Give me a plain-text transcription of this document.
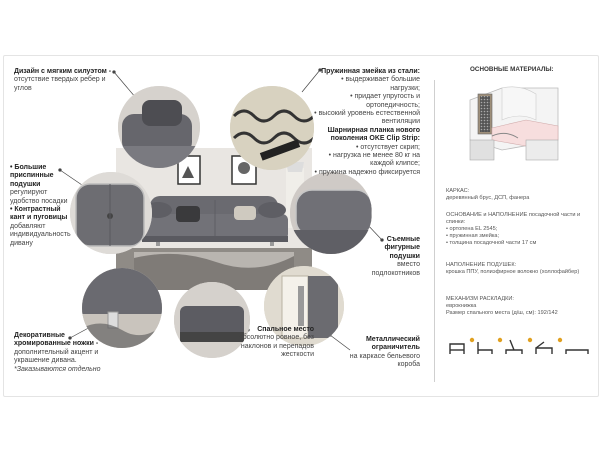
Дизайн с мягким силуэтом -
отсутствие твердых ребер и углов
Пружинная змейка из стали:
• выдерживает большие нагрузки;
• придает упругость и ортопедичность;
• высокий уровень естественной вентиляции
Шарнирная планка нового поколения OKE Clip Strip:
• отсутствует скрип;
• нагрузка не менее 80 кг на каждой клипсе;
• пружина надежно фиксируется
• Большие приспинные подушки
регулируют удобство посадки
• Контрастный кант и пуговицы
добавляют индивидуальность дивану
Съемные фигурные подушки
вместо подлокотников
Декоративные хромированные ножки -
дополнительный акцент и украшение дивана.
*Заказываются отдельно
Спальное место
абсолютно ровное, без наклонов и перепадов жесткости
Металлический ограничитель
на каркасе бельевого короба
ОСНОВНЫЕ МАТЕРИАЛЫ:
КАРКАС:
деревянный брус, ДСП, фанера
ОСНОВАНИЕ и НАПОЛНЕНИЕ посадочной части и спинки:
• ортопена EL 2545;
• пружинная змейка;
• толщина посадочной части 17 см
НАПОЛНЕНИЕ ПОДУШЕК:
крошка ППУ, полиэфирное волокно (холлофайбер)
МЕХАНИЗМ РАСКЛАДКИ:
еврокнижка
Размер спального места (д/ш, см): 192/142
